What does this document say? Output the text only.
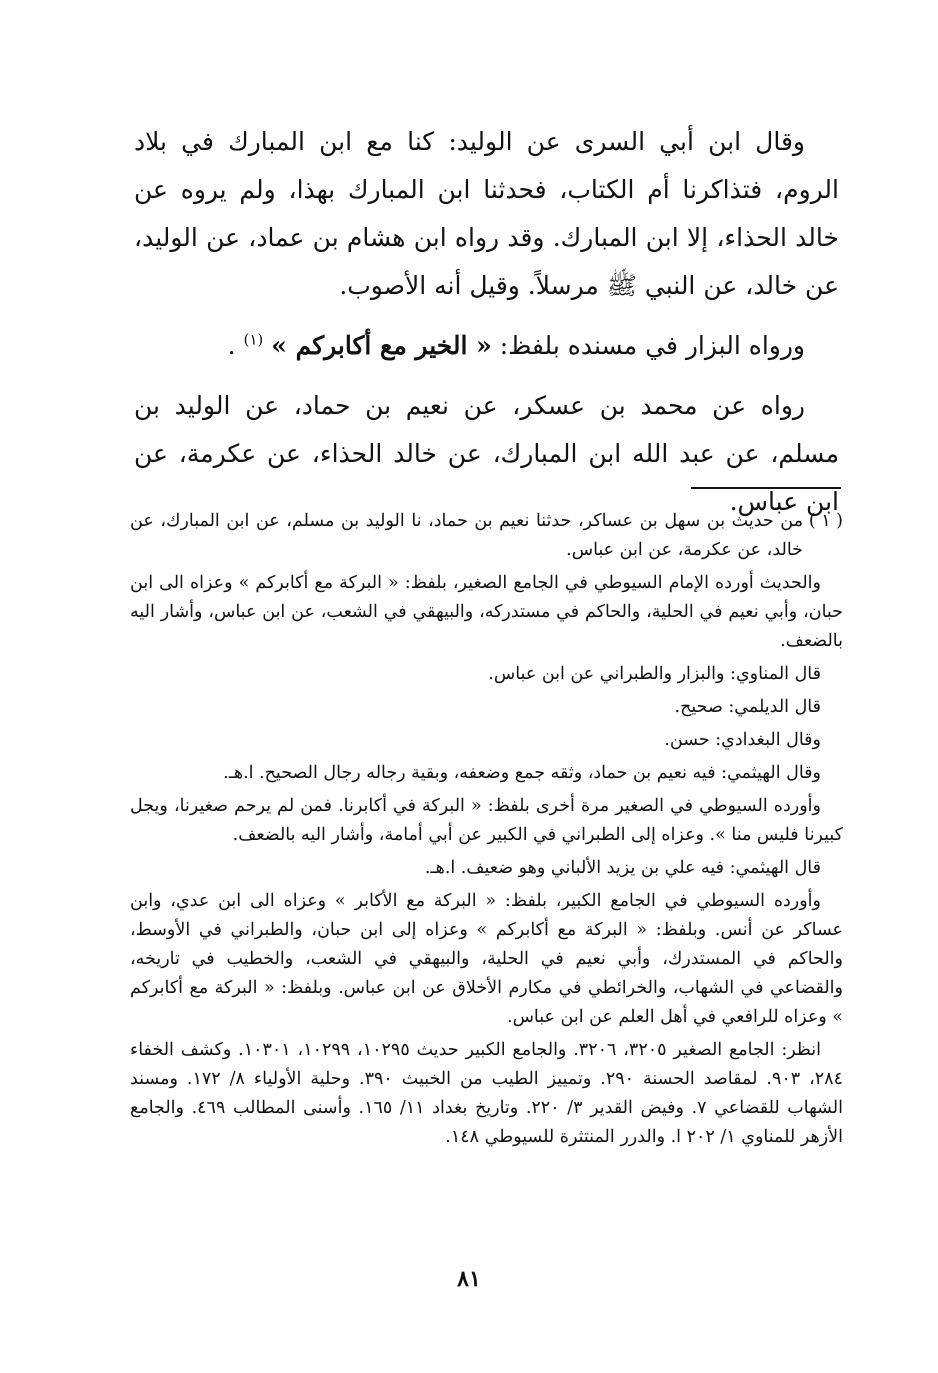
وقال ابن أبي السرى عن الوليد: كنا مع ابن المبارك في بلاد الروم، فتذاكرنا أم الكتاب، فحدثنا ابن المبارك بهذا، ولم يروه عن خالد الحذاء، إلا ابن المبارك. وقد رواه ابن هشام بن عماد، عن الوليد، عن خالد، عن النبي ﷺ مرسلاً. وقيل أنه الأصوب.

ورواه البزار في مسنده بلفظ: « الخير مع أكابركم » $^{(١)}$ .

رواه عن محمد بن عسكر، عن نعيم بن حماد، عن الوليد بن مسلم، عن عبد الله ابن المبارك، عن خالد الحذاء، عن عكرمة، عن ابن عباس.

( ١ )
من حديث بن سهل بن عساكر، حدثنا نعيم بن حماد، نا الوليد بن مسلم، عن ابن المبارك، عن خالد، عن عكرمة، عن ابن عباس.

والحديث أورده الإمام السيوطي في الجامع الصغير، بلفظ: « البركة مع أكابركم » وعزاه الى ابن حبان، وأبي نعيم في الحلية، والحاكم في مستدركه، والبيهقي في الشعب، عن ابن عباس، وأشار اليه بالضعف.

قال المناوي: والبزار والطبراني عن ابن عباس.

قال الديلمي: صحيح.

وقال البغدادي: حسن.

وقال الهيثمي: فيه نعيم بن حماد، وثقه جمع وضعفه، وبقية رجاله رجال الصحيح. ا.هـ.

وأورده السيوطي في الصغير مرة أخرى بلفظ: « البركة في أكابرنا. فمن لم يرحم صغيرنا، ويجل كبيرنا فليس منا ». وعزاه إلى الطبراني في الكبير عن أبي أمامة، وأشار اليه بالضعف.

قال الهيثمي: فيه علي بن يزيد الألباني وهو ضعيف. ا.هـ.

وأورده السيوطي في الجامع الكبير، بلفظ: « البركة مع الأكابر » وعزاه الى ابن عدي، وابن عساكر عن أنس. وبلفظ: « البركة مع أكابركم » وعزاه إلى ابن حبان، والطبراني في الأوسط، والحاكم في المستدرك، وأبي نعيم في الحلية، والبيهقي في الشعب، والخطيب في تاريخه، والقضاعي في الشهاب، والخرائطي في مكارم الأخلاق عن ابن عباس. وبلفظ: « البركة مع أكابركم » وعزاه للرافعي في أهل العلم عن ابن عباس.

انظر: الجامع الصغير ٣٢٠٥، ٣٢٠٦. والجامع الكبير حديث ١٠٢٩٥، ١٠٢٩٩، ١٠٣٠١. وكشف الخفاء ٢٨٤، ٩٠٣. لمقاصد الحسنة ٢٩٠. وتمييز الطيب من الخبيث ٣٩٠. وحلية الأولياء ٨/ ١٧٢. ومسند الشهاب للقضاعي ٧. وفيض القدير ٣/ ٢٢٠. وتاريخ بغداد ١١/ ١٦٥. وأسنى المطالب ٤٦٩. والجامع الأزهر للمناوي ١/ ٢٠٢ ا. والدرر المنتثرة للسيوطي ١٤٨.

٨١
